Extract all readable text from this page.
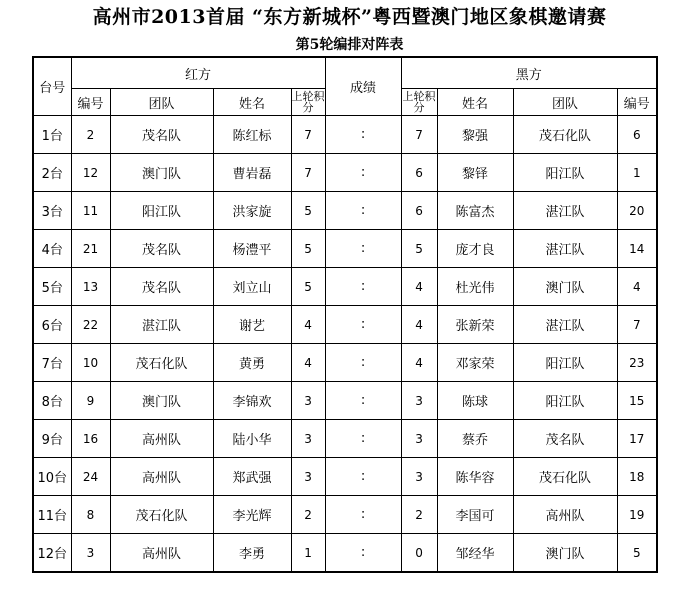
高州市2013首届 “东方新城杯”粤西暨澳门地区象棋邀请赛
第5轮编排对阵表
台号	红方				成绩	黑方			
	编号	团队	姓名	上轮积分		上轮积分	姓名	团队	编号
1台	2	茂名队	陈红标	7	:	7	黎强	茂石化队	6
2台	12	澳门队	曹岩磊	7	:	6	黎铎	阳江队	1
3台	11	阳江队	洪家旋	5	:	6	陈富杰	湛江队	20
4台	21	茂名队	杨澧平	5	:	5	庞才良	湛江队	14
5台	13	茂名队	刘立山	5	:	4	杜光伟	澳门队	4
6台	22	湛江队	谢艺	4	:	4	张新荣	湛江队	7
7台	10	茂石化队	黄勇	4	:	4	邓家荣	阳江队	23
8台	9	澳门队	李锦欢	3	:	3	陈球	阳江队	15
9台	16	高州队	陆小华	3	:	3	蔡乔	茂名队	17
10台	24	高州队	郑武强	3	:	3	陈华容	茂石化队	18
11台	8	茂石化队	李光辉	2	:	2	李国可	高州队	19
12台	3	高州队	李勇	1	:	0	邹经华	澳门队	5
